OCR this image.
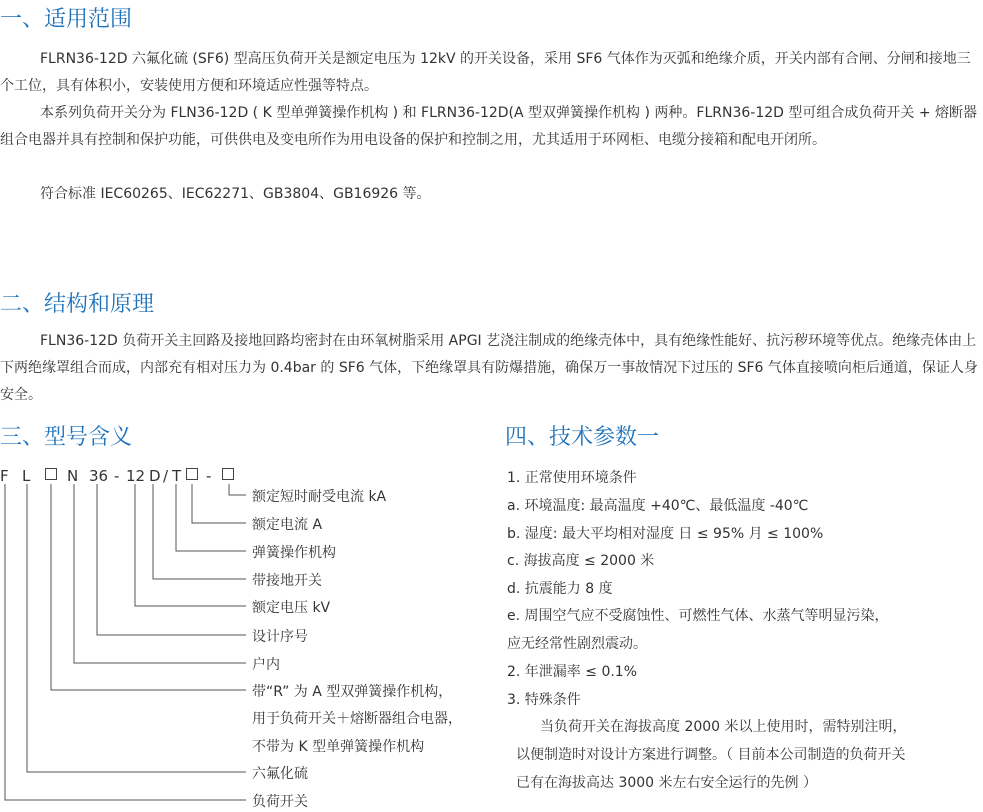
一、适用范围

FLRN36-12D 六氟化硫 (SF6) 型高压负荷开关是额定电压为 12kV 的开关设备，采用 SF6 气体作为灭弧和绝缘介质，开关内部有合闸、分闸和接地三个工位，具有体积小，安装使用方便和环境适应性强等特点。

本系列负荷开关分为 FLN36-12D ( K 型单弹簧操作机构 ) 和 FLRN36-12D(A 型双弹簧操作机构 ) 两种。FLRN36-12D 型可组合成负荷开关 + 熔断器组合电器并具有控制和保护功能，可供供电及变电所作为用电设备的保护和控制之用，尤其适用于环网柜、电缆分接箱和配电开闭所。

符合标准 IEC60265、IEC62271、GB3804、GB16926 等。

二、结构和原理

FLN36-12D 负荷开关主回路及接地回路均密封在由环氧树脂采用 APGI 艺浇注制成的绝缘壳体中，具有绝缘性能好、抗污秽环境等优点。绝缘壳体由上下两绝缘罩组合而成，内部充有相对压力为 0.4bar 的 SF6 气体，下绝缘罩具有防爆措施，确保万一事故情况下过压的 SF6 气体直接喷向柜后通道，保证人身安全。

三、型号含义
F L N 36 - 12 D / T -
额定短时耐受电流 kA
额定电流 A
弹簧操作机构
带接地开关
额定电压 kV
设计序号
户内
带“R” 为 A 型双弹簧操作机构，
用于负荷开关＋熔断器组合电器，
不带为 K 型单弹簧操作机构
六氟化硫
负荷开关
四、技术参数一
1. 正常使用环境条件
a. 环境温度: 最高温度 +40℃、最低温度 -40℃
b. 湿度: 最大平均相对湿度 日 ≤ 95% 月 ≤ 100%
c. 海拔高度 ≤ 2000 米
d. 抗震能力 8 度
e. 周围空气应不受腐蚀性、可燃性气体、水蒸气等明显污染，
应无经常性剧烈震动。
2. 年泄漏率 ≤ 0.1%
3. 特殊条件
当负荷开关在海拔高度 2000 米以上使用时，需特别注明，
以便制造时对设计方案进行调整。（ 目前本公司制造的负荷开关
已有在海拔高达 3000 米左右安全运行的先例 ）
